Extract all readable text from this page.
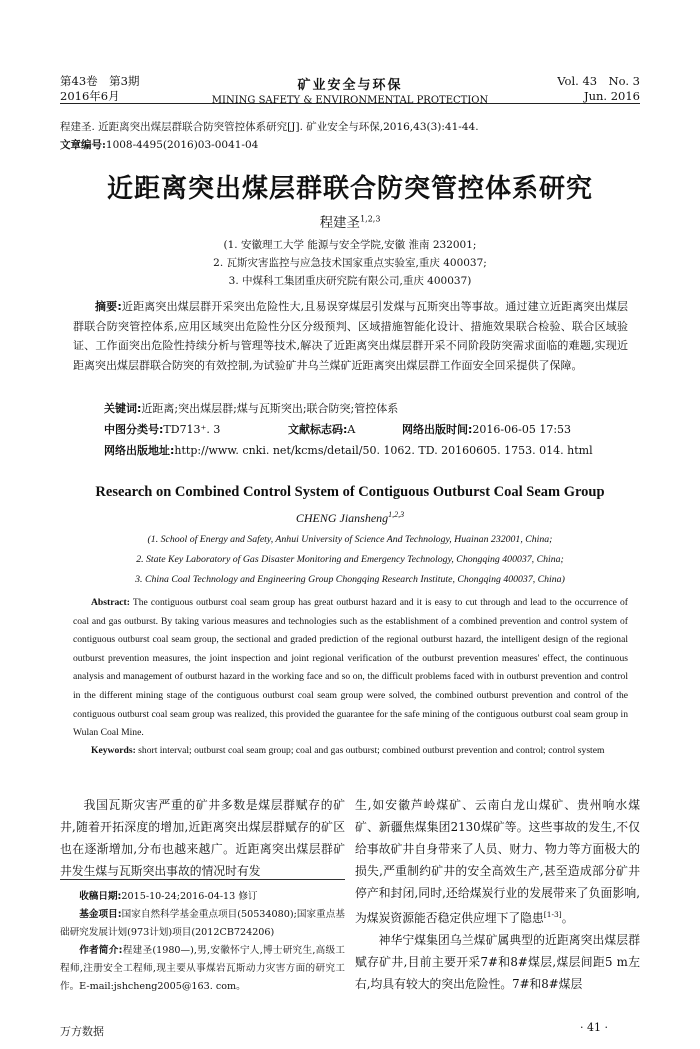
第43卷　第3期
2016年6月
矿业安全与环保
MINING SAFETY & ENVIRONMENTAL PROTECTION
Vol. 43　No. 3
Jun. 2016
程建圣. 近距离突出煤层群联合防突管控体系研究[J]. 矿业安全与环保,2016,43(3):41-44.
文章编号:1008-4495(2016)03-0041-04
近距离突出煤层群联合防突管控体系研究
程建圣$^{1,2,3}$
(1. 安徽理工大学 能源与安全学院,安徽 淮南 232001;
2. 瓦斯灾害监控与应急技术国家重点实验室,重庆 400037;
3. 中煤科工集团重庆研究院有限公司,重庆 400037)
摘要:近距离突出煤层群开采突出危险性大,且易误穿煤层引发煤与瓦斯突出等事故。通过建立近距离突出煤层群联合防突管控体系,应用区域突出危险性分区分级预判、区域措施智能化设计、措施效果联合检验、联合区域验证、工作面突出危险性持续分析与管理等技术,解决了近距离突出煤层群开采不同阶段防突需求面临的难题,实现近距离突出煤层群联合防突的有效控制,为试验矿井乌兰煤矿近距离突出煤层群工作面安全回采提供了保障。
关键词:近距离;突出煤层群;煤与瓦斯突出;联合防突;管控体系
中图分类号:TD713⁺. 3	文献标志码:A	网络出版时间:2016-06-05 17:53
网络出版地址:http://www. cnki. net/kcms/detail/50. 1062. TD. 20160605. 1753. 014. html
Research on Combined Control System of Contiguous Outburst Coal Seam Group
CHENG Jiansheng$^{1,2,3}$
(1. School of Energy and Safety, Anhui University of Science And Technology, Huainan 232001, China;
2. State Key Laboratory of Gas Disaster Monitoring and Emergency Technology, Chongqing 400037, China;
3. China Coal Technology and Engineering Group Chongqing Research Institute, Chongqing 400037, China)
Abstract: The contiguous outburst coal seam group has great outburst hazard and it is easy to cut through and lead to the occurrence of coal and gas outburst. By taking various measures and technologies such as the establishment of a combined prevention and control system of contiguous outburst coal seam group, the sectional and graded prediction of the regional outburst hazard, the intelligent design of the regional outburst prevention measures, the joint inspection and joint regional verification of the outburst prevention measures' effect, the continuous analysis and management of outburst hazard in the working face and so on, the difficult problems faced with in outburst prevention and control in the different mining stage of the contiguous outburst coal seam group were solved, the combined outburst prevention and control of the contiguous outburst coal seam group was realized, this provided the guarantee for the safe mining of the contiguous outburst coal seam group in Wulan Coal Mine.
Keywords: short interval; outburst coal seam group; coal and gas outburst; combined outburst prevention and control; control system

我国瓦斯灾害严重的矿井多数是煤层群赋存的矿井,随着开拓深度的增加,近距离突出煤层群赋存的矿区也在逐渐增加,分布也越来越广。近距离突出煤层群矿井发生煤与瓦斯突出事故的情况时有发

收稿日期:2015-10-24;2016-04-13 修订

基金项目:国家自然科学基金重点项目(50534080);国家重点基础研究发展计划(973计划)项目(2012CB724206)

作者简介:程建圣(1980—),男,安徽怀宁人,博士研究生,高级工程师,注册安全工程师,现主要从事煤岩瓦斯动力灾害方面的研究工作。E-mail:jshcheng2005@163. com。

生,如安徽芦岭煤矿、云南白龙山煤矿、贵州响水煤矿、新疆焦煤集团2130煤矿等。这些事故的发生,不仅给事故矿井自身带来了人员、财力、物力等方面极大的损失,严重制约矿井的安全高效生产,甚至造成部分矿井停产和封闭,同时,还给煤炭行业的发展带来了负面影响,为煤炭资源能否稳定供应埋下了隐患[1-3]。

神华宁煤集团乌兰煤矿属典型的近距离突出煤层群赋存矿井,目前主要开采7#和8#煤层,煤层间距5 m左右,均具有较大的突出危险性。7#和8#煤层

· 41 ·
万方数据
